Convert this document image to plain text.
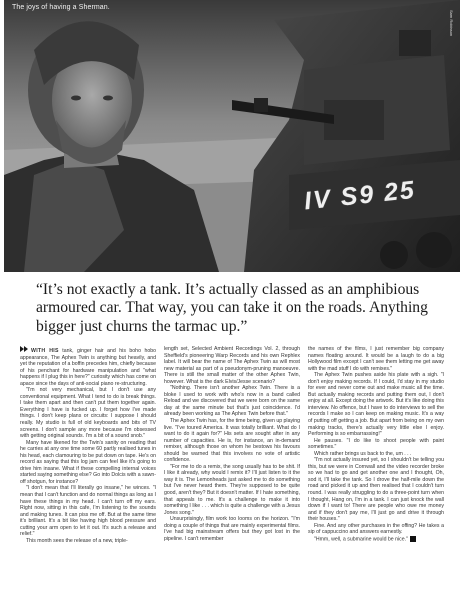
The joys of having a Sherman.
Sam Robinson
IV S9 25

“It’s not exactly a tank. It’s actually classed as an amphibious armoured car. That way, you can take it on the roads. Anything bigger just churns the tarmac up.”

WITH HIS tank, ginger hair and his boho hobo appearance, The Aphex Twin is anything but heavily, and yet the reputation of a boffin precedes him, chiefly because of his penchant for hardware manipulation and "what happens if I plug this in here?" curiosity which has come on apace since the days of anti-social piano re-structuring.

"I'm not very mechanical, but I don't use any conventional equipment. What I tend to do is break things. I take them apart and then can't put them together again. Everything I have is fucked up. I forget how I've made things. I don't keep plans or circuits: I suppose I should really. My studio is full of old keyboards and bits of TV screens. I don't sample any more because I'm obsessed with getting original sounds. I'm a bit of a sound snob."

Many have likened for the Twin's sanity on reading that he carries at any one time some 60 partly realised tunes in his head, each clamouring to be put down on tape. He's on record as saying that this log jam can feel like it's going to drive him insane. What if these compelling internal voices started saying something else? Go into Dolcis with a sawn-off shotgun, for instance?

"I don't mean that I'll literally go insane," he winces. "I mean that I can't function and do normal things as long as I have these things in my head. I can't turn off my ears. Right now, sitting in this cafe, I'm listening to the sounds and making tunes. It can piss me off. But at the same time it's brilliant. It's a bit like having high blood pressure and cutting your arm open to let it out. It's such a release and relief."

This month sees the release of a new, triple-

length set, Selected Ambient Recordings Vol. 2, through Sheffield's pioneering Warp Records and his own Rephlex label. It will bear the name of The Aphex Twin as will most new material as part of a pseudonym-pruning manoeuvre. There is still the small matter of the other Aphex Twin, however. What is the dark Elvis/Jesse scenario?

"Nothing. There isn't another Aphex Twin. There is a bloke I used to work with who's now in a band called Reload and we discovered that we were born on the same day at the same minute but that's just coincidence. I'd already been working as The Aphex Twin before that."

The Aphex Twin has, for the time being, given up playing live. "I've toured America. It was totally brilliant. What do I want to do it again for?" His sets are sought after in any number of capacities. He is, for instance, an in-demand remixer, although those on whom he bestows his favours should be warned that this involves no vote of artistic confidence.

"For me to do a remix, the song usually has to be shit. If I like it already, why would I remix it? I'll just listen to it the way it is. The Lemonheads just asked me to do something but I've never heard them. They're supposed to be quite good, aren't they? But it doesn't matter. If I hate something, that appeals to me. It's a challenge to make it into something I like . . . which is quite a challenge with a Jesus Jones song."

Unsurprisingly, film work too looms on the horizon. "I'm doing a couple of things that are mainly experimental films. I've had big mainstream offers but they got lost in the pipeline. I can't remember

the names of the films, I just remember big company names floating around. It would be a laugh to do a big Hollywood film except I can't see them letting me get away with the mad stuff I do with remixes."

The Aphex Twin pushes aside his plate with a sigh. "I don't enjoy making records. If I could, I'd stay in my studio for ever and never come out and make music all the time. But actually making records and putting them out, I don't enjoy at all. Except doing the artwork. But it's like doing this interview. No offence, but I have to do interviews to sell the records I make so I can keep on making music. It's a way of putting off getting a job. But apart from being on my own making tracks, there's actually very little else I enjoy. Performing is so embarrassing!"

He pauses. "I do like to shoot people with paint sometimes."

Which rather brings us back to the, um . . .

"I'm not actually insured yet, so I shouldn't be telling you this, but we were in Cornwall and the video recorder broke so we had to go and get another one and I thought, Oh, sod it, I'll take the tank. So I drove the half-mile down the road and picked it up and then realised that I couldn't turn round. I was really struggling to do a three-point turn when I thought, Hang on, I'm in a tank. I can just knock the wall down if I want to! There are people who owe me money and if they don't pay me, I'll just go and drive it through their houses."

Fine. And any other purchases in the offing? He takes a sip of cappuccino and answers earnestly.

"Hmm, well, a submarine would be nice." ■
